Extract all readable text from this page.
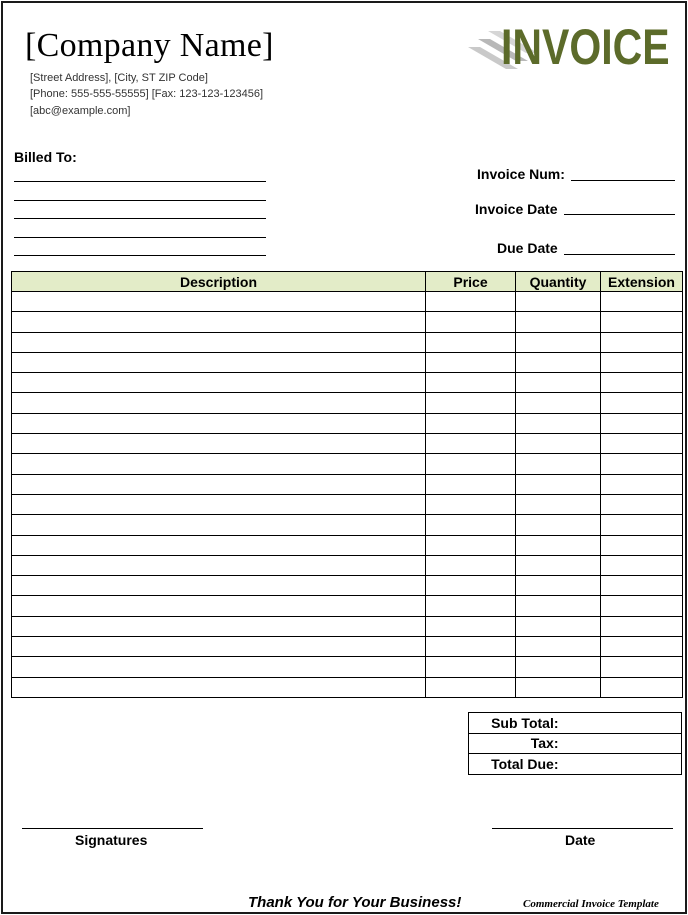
[Company Name]
[Street Address], [City, ST ZIP Code]
[Phone: 555-555-55555] [Fax: 123-123-123456]
[abc@example.com]
INVOICE
Billed To:
Invoice Num:
Invoice Date
Due Date
Description	Price	Quantity	Extension

Sub Total:	
Tax:	
Total Due:	
Signatures	Date
Thank You for Your Business!	Commercial Invoice Template
